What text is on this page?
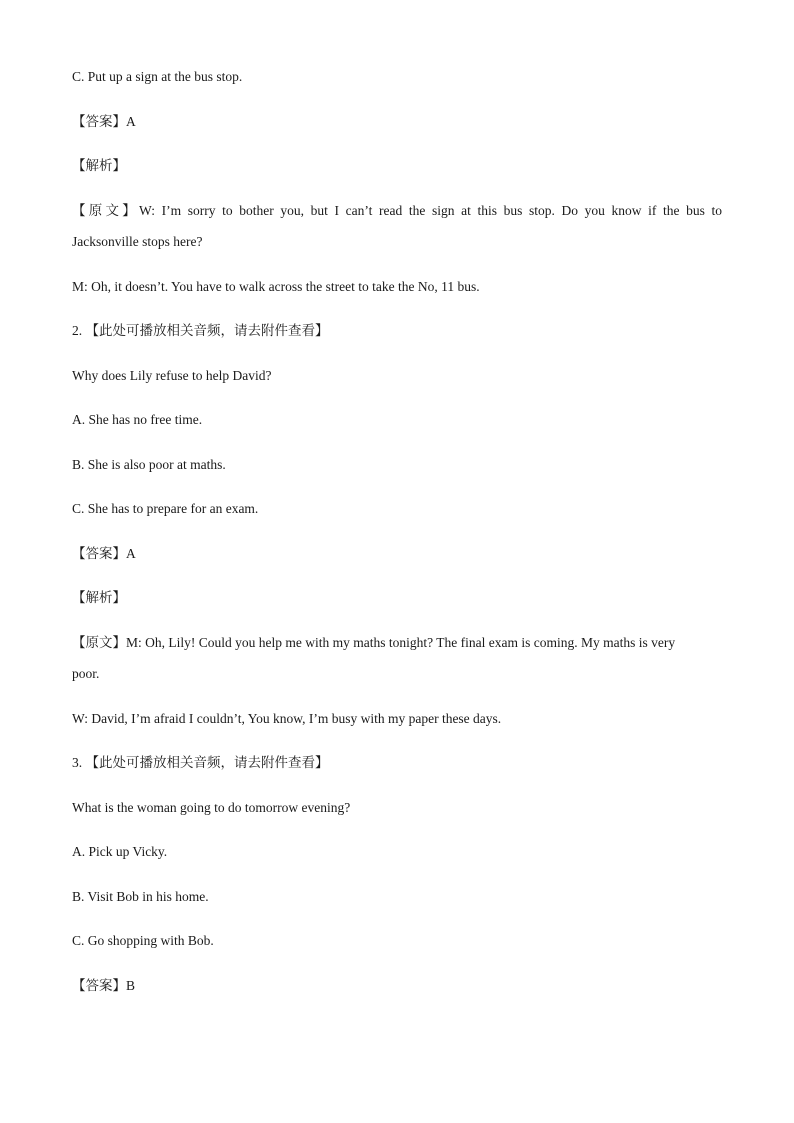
C. Put up a sign at the bus stop.
【答案】A
【解析】
【原文】W: I’m sorry to bother you, but I can’t read the sign at this bus stop. Do you know if the bus to
Jacksonville stops here?
M: Oh, it doesn’t. You have to walk across the street to take the No, 11 bus.
2. 【此处可播放相关音频，请去附件查看】
Why does Lily refuse to help David?
A. She has no free time.
B. She is also poor at maths.
C. She has to prepare for an exam.
【答案】A
【解析】
【原文】M: Oh, Lily! Could you help me with my maths tonight? The final exam is coming. My maths is very
poor.
W: David, I’m afraid I couldn’t, You know, I’m busy with my paper these days.
3. 【此处可播放相关音频，请去附件查看】
What is the woman going to do tomorrow evening?
A. Pick up Vicky.
B. Visit Bob in his home.
C. Go shopping with Bob.
【答案】B
